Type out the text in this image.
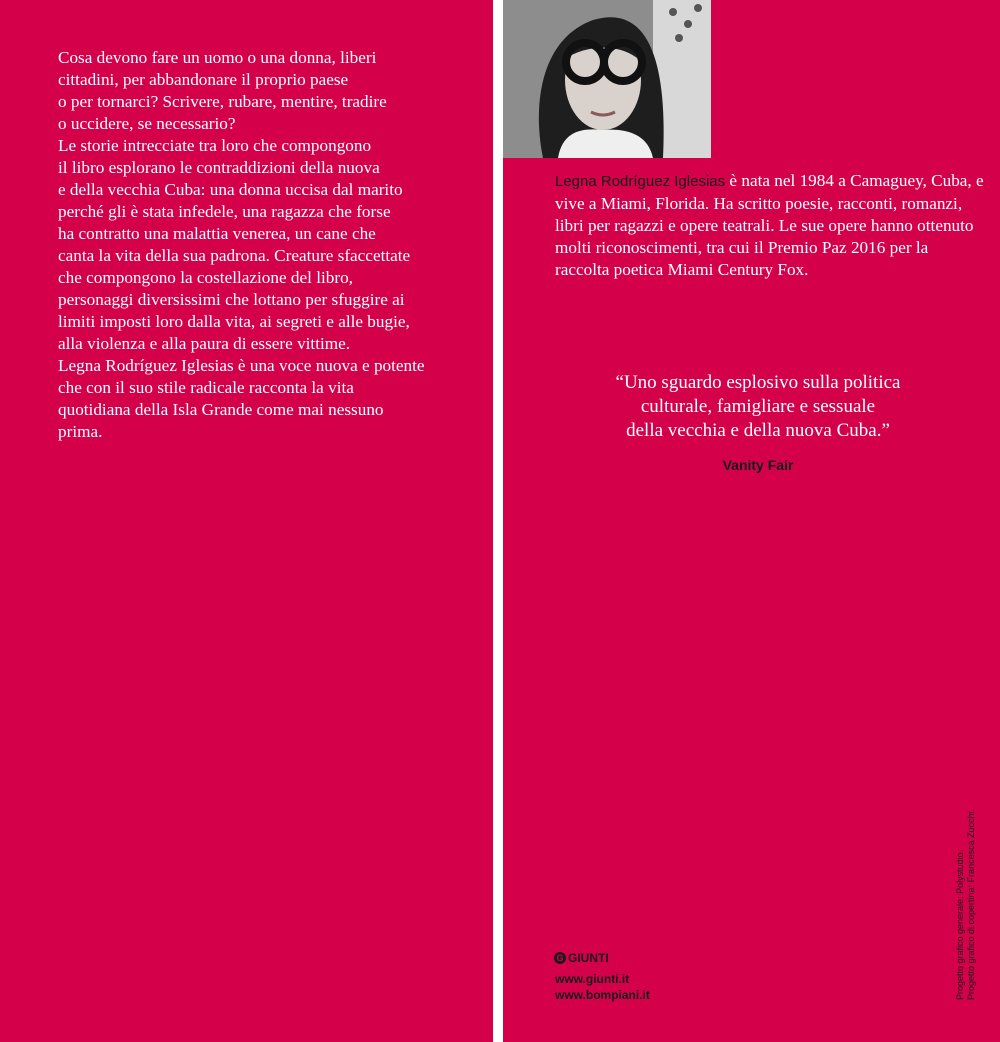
Cosa devono fare un uomo o una donna, liberi
cittadini, per abbandonare il proprio paese
o per tornarci? Scrivere, rubare, mentire, tradire
o uccidere, se necessario?
Le storie intrecciate tra loro che compongono
il libro esplorano le contraddizioni della nuova
e della vecchia Cuba: una donna uccisa dal marito
perché gli è stata infedele, una ragazza che forse
ha contratto una malattia venerea, un cane che
canta la vita della sua padrona. Creature sfaccettate
che compongono la costellazione del libro,
personaggi diversissimi che lottano per sfuggire ai
limiti imposti loro dalla vita, ai segreti e alle bugie,
alla violenza e alla paura di essere vittime.
Legna Rodríguez Iglesias è una voce nuova e potente
che con il suo stile radicale racconta la vita
quotidiana della Isla Grande come mai nessuno
prima.

Legna Rodríguez Iglesias è nata nel 1984 a Camaguey, Cuba, e vive a Miami, Florida. Ha scritto poesie, racconti, romanzi, libri per ragazzi e opere teatrali. Le sue opere hanno ottenuto molti riconoscimenti, tra cui il Premio Paz 2016 per la raccolta poetica Miami Century Fox.

“Uno sguardo esplosivo sulla politica
culturale, famigliare e sessuale
della vecchia e della nuova Cuba.”

Vanity Fair
G GIUNTI
www.giunti.it
www.bompiani.it	Progetto grafico generale: Polystudio. Progetto grafico di copertina: Francesca Zucchi.
